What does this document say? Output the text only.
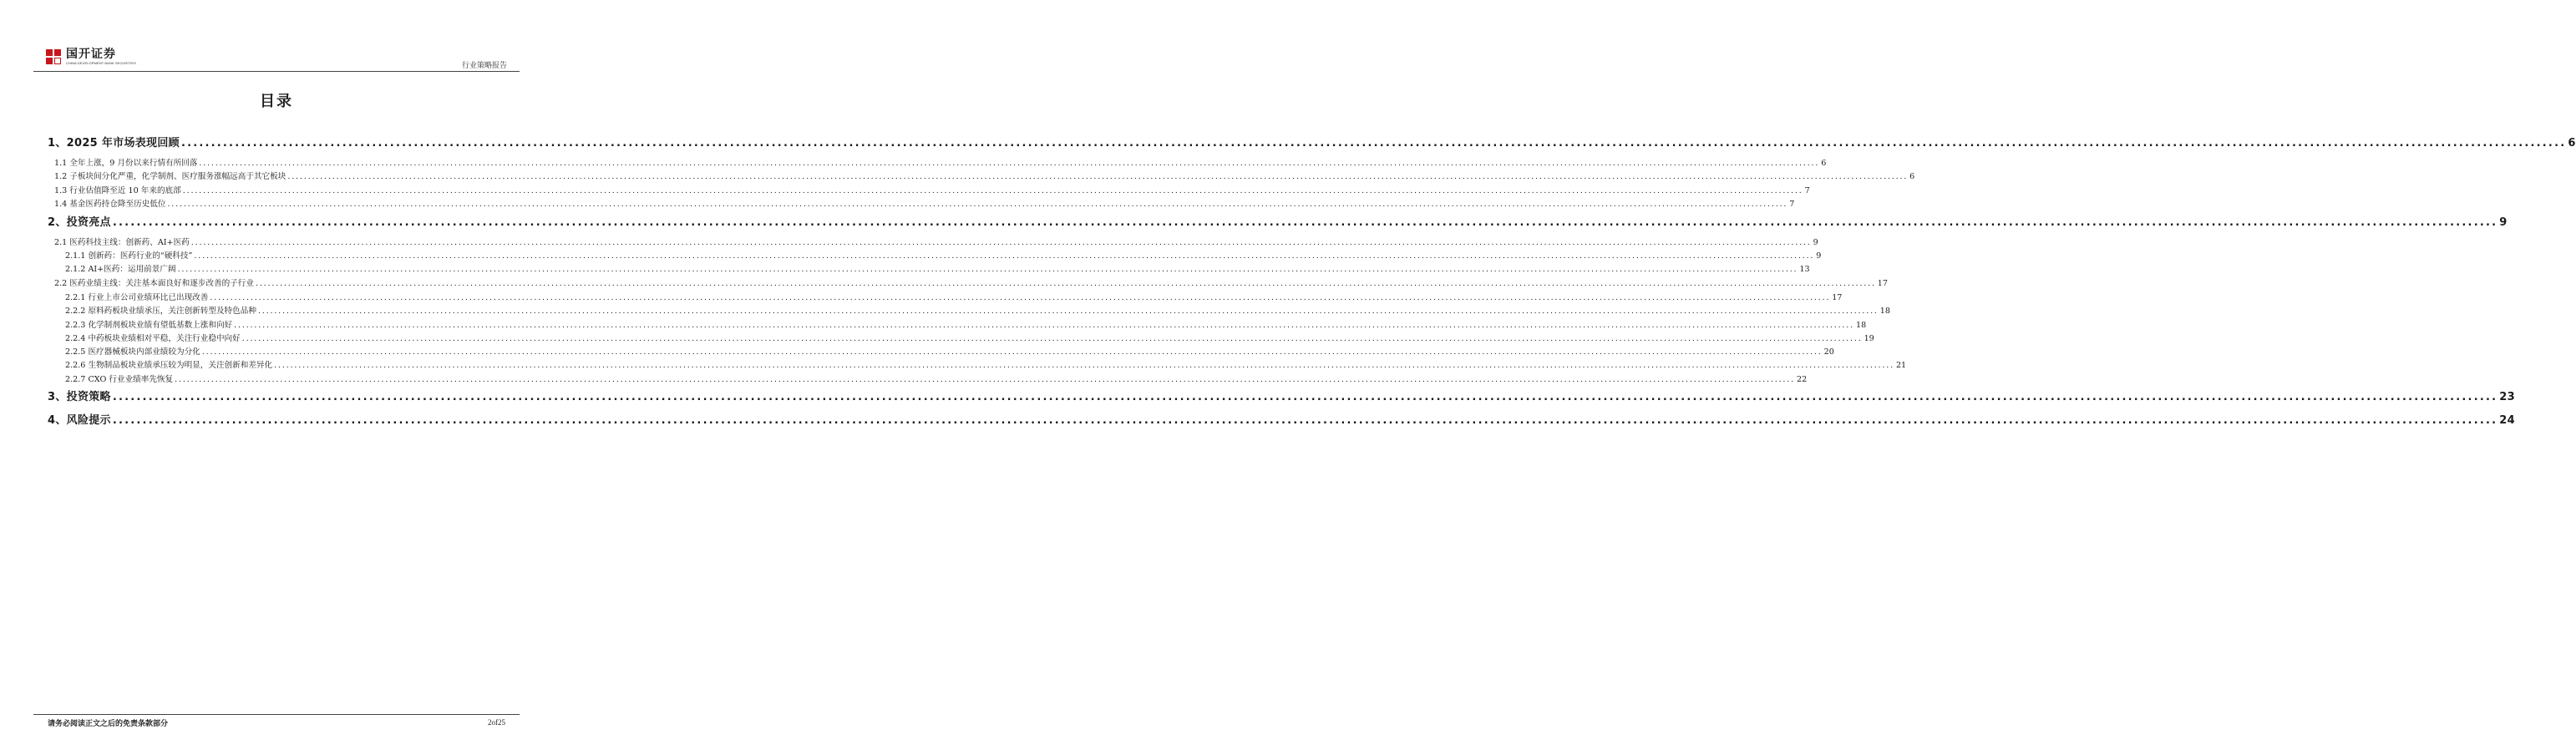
国开证券
CHINA DEVELOPMENT BANK SECURITIES	行业策略报告
目录
1、2025 年市场表现回顾 ................................................................................................................................................................................................................................................................................................................................................................................................................ 6
1.1 全年上涨，9 月份以来行情有所回落 ................................................................................................................................................................................................................................................................................................................................................................................................................ 6
1.2 子板块间分化严重，化学制剂、医疗服务涨幅远高于其它板块 ................................................................................................................................................................................................................................................................................................................................................................................................................ 6
1.3 行业估值降至近 10 年来的底部 ................................................................................................................................................................................................................................................................................................................................................................................................................ 7
1.4 基金医药持仓降至历史低位 ................................................................................................................................................................................................................................................................................................................................................................................................................ 7
2、投资亮点 ................................................................................................................................................................................................................................................................................................................................................................................................................ 9
2.1 医药科技主线：创新药、AI+医药 ................................................................................................................................................................................................................................................................................................................................................................................................................ 9
2.1.1 创新药：医药行业的“硬科技” ................................................................................................................................................................................................................................................................................................................................................................................................................ 9
2.1.2 AI+医药：运用前景广阔 ................................................................................................................................................................................................................................................................................................................................................................................................................ 13
2.2 医药业绩主线：关注基本面良好和逐步改善的子行业 ................................................................................................................................................................................................................................................................................................................................................................................................................ 17
2.2.1 行业上市公司业绩环比已出现改善 ................................................................................................................................................................................................................................................................................................................................................................................................................ 17
2.2.2 原料药板块业绩承压，关注创新转型及特色品种 ................................................................................................................................................................................................................................................................................................................................................................................................................ 18
2.2.3 化学制剂板块业绩有望低基数上涨和向好 ................................................................................................................................................................................................................................................................................................................................................................................................................ 18
2.2.4 中药板块业绩相对平稳，关注行业稳中向好 ................................................................................................................................................................................................................................................................................................................................................................................................................ 19
2.2.5 医疗器械板块内部业绩较为分化 ................................................................................................................................................................................................................................................................................................................................................................................................................ 20
2.2.6 生物制品板块业绩承压较为明显，关注创新和差异化 ................................................................................................................................................................................................................................................................................................................................................................................................................ 21
2.2.7 CXO 行业业绩率先恢复 ................................................................................................................................................................................................................................................................................................................................................................................................................ 22
3、投资策略 ................................................................................................................................................................................................................................................................................................................................................................................................................ 23
4、风险提示 ................................................................................................................................................................................................................................................................................................................................................................................................................ 24
请务必阅读正文之后的免责条款部分	2of25
